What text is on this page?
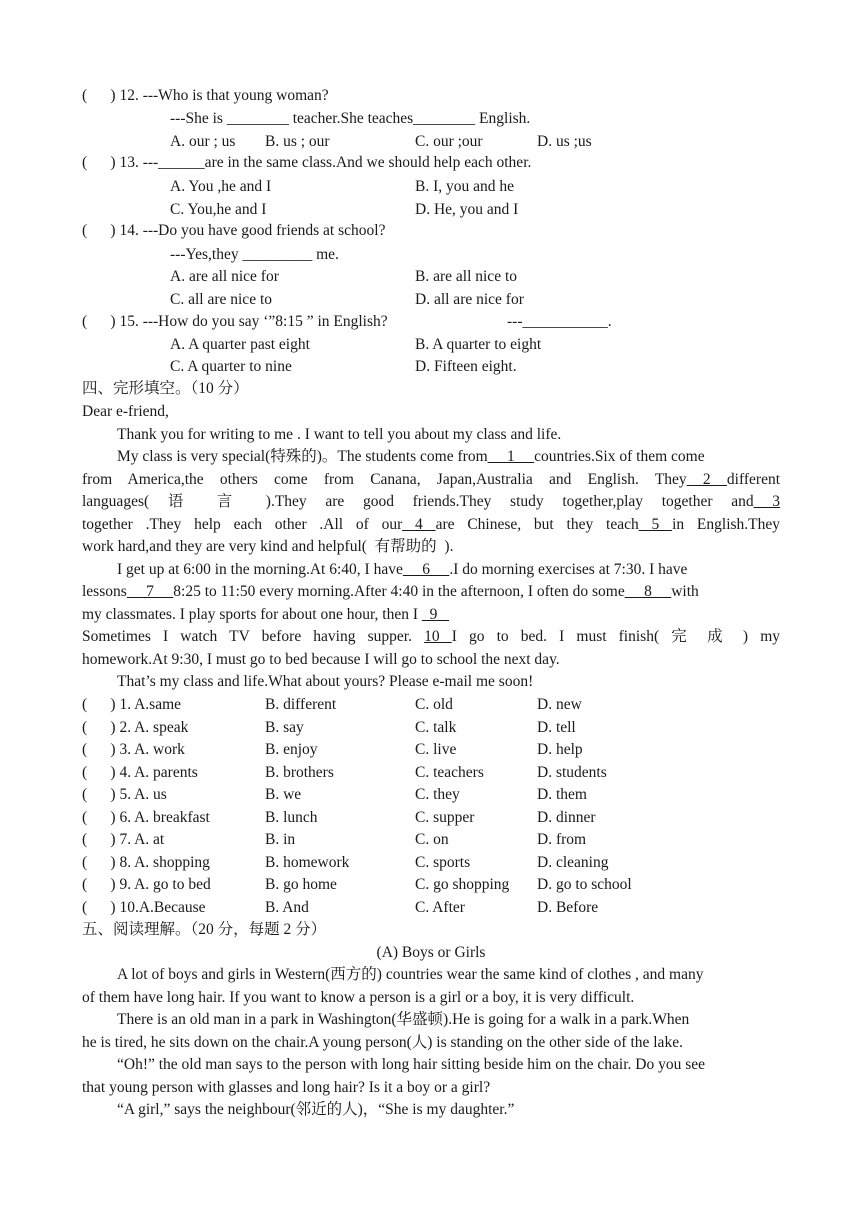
(      ) 12. ---Who is that young woman?
---She is ________ teacher.She teaches________ English.
A. our ; us B. us ; our	C. our ;our	D. us ;us
(      ) 13. ---______are in the same class.And we should help each other.
A. You ,he and I	B. I, you and he
C. You,he and I	D. He, you and I
(      ) 14. ---Do you have good friends at school?
---Yes,they _________ me.
A. are all nice for	B. are all nice to
C. all are nice to	D. all are nice for
(      ) 15. ---How do you say ‘”8:15 ” in English?	---___________.
A. A quarter past eight	B. A quarter to eight
C. A quarter to nine	D. Fifteen eight.
四、完形填空。（10 分）
Dear e-friend,
Thank you for writing to me . I want to tell you about my class and life.
My class is very special(特殊的)。The students come from     1     countries.Six of them come
from America,the others come from Canana, Japan,Australia and English. They 2 different
languages( 语 言 ).They are good friends.They study together,play together and 3
together .They help each other .All of our 4 are Chinese, but they teach 5 in English.They
work hard,and they are very kind and helpful(  有帮助的  ).
I get up at 6:00 in the morning.At 6:40, I have     6     .I do morning exercises at 7:30. I have
lessons     7     8:25 to 11:50 every morning.After 4:40 in the afternoon, I often do some     8     with
my classmates. I play sports for about one hour, then I   9
Sometimes I watch TV before having supper. 10 I go to bed. I must finish( 完 成 ) my
homework.At 9:30, I must go to bed because I will go to school the next day.
That’s my class and life.What about yours? Please e-mail me soon!
(      ) 1. A.same	B. different	C. old	D. new
(      ) 2. A. speak	B. say	C. talk	D. tell
(      ) 3. A. work	B. enjoy	C. live	D. help
(      ) 4. A. parents	B. brothers	C. teachers	D. students
(      ) 5. A. us	B. we	C. they	D. them
(      ) 6. A. breakfast	B. lunch	C. supper	D. dinner
(      ) 7. A. at	B. in	C. on	D. from
(      ) 8. A. shopping	B. homework	C. sports	D. cleaning
(      ) 9. A. go to bed	B. go home	C. go shopping D. go to school
(      ) 10.A.Because	B. And	C. After	D. Before
五、阅读理解。（20 分，每题 2 分）
(A) Boys or Girls
A lot of boys and girls in Western(西方的) countries wear the same kind of clothes , and many
of them have long hair. If you want to know a person is a girl or a boy, it is very difficult.
There is an old man in a park in Washington(华盛顿).He is going for a walk in a park.When
he is tired, he sits down on the chair.A young person(人) is standing on the other side of the lake.
“Oh!” the old man says to the person with long hair sitting beside him on the chair. Do you see
that young person with glasses and long hair? Is it a boy or a girl?
“A girl,” says the neighbour(邻近的人)，“She is my daughter.”
